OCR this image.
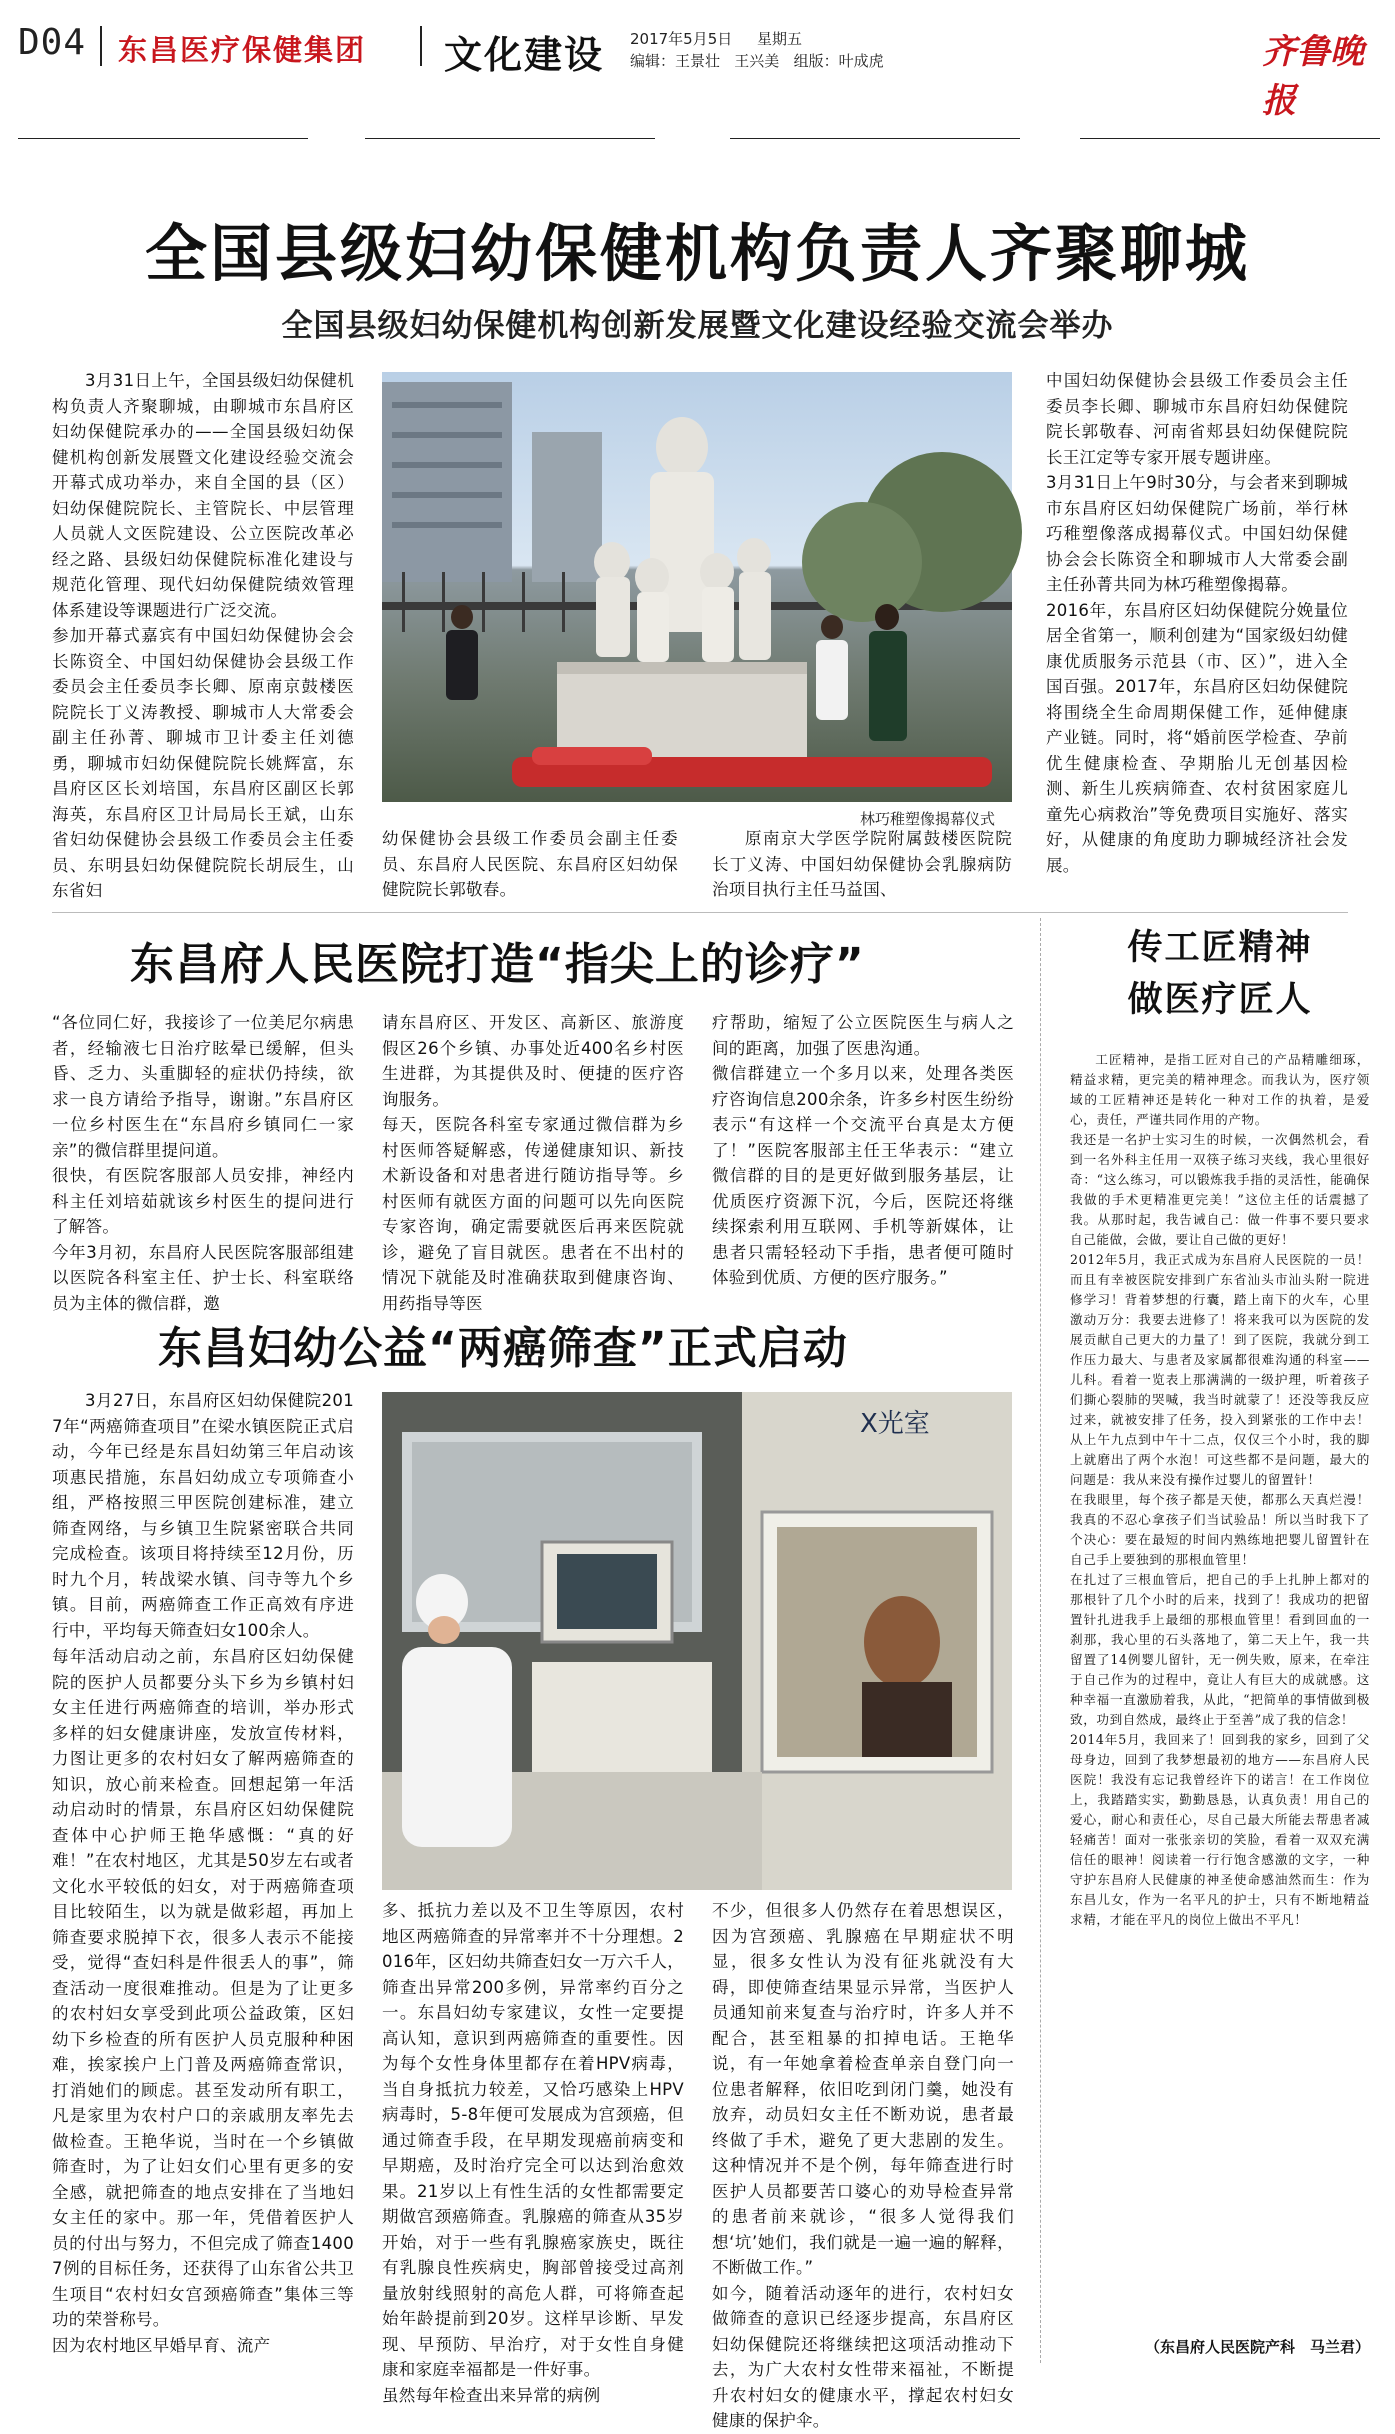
D04 东昌医疗保健集团 文化建设 2017年5月5日 星期五
编辑：王景壮   王兴美   组版：叶成虎	齐鲁晚报
全国县级妇幼保健机构负责人齐聚聊城
全国县级妇幼保健机构创新发展暨文化建设经验交流会举办
3月31日上午，全国县级妇幼保健机构负责人齐聚聊城，由聊城市东昌府区妇幼保健院承办的——全国县级妇幼保健机构创新发展暨文化建设经验交流会开幕式成功举办，来自全国的县（区）妇幼保健院院长、主管院长、中层管理人员就人文医院建设、公立医院改革必经之路、县级妇幼保健院标准化建设与规范化管理、现代妇幼保健院绩效管理体系建设等课题进行广泛交流。
参加开幕式嘉宾有中国妇幼保健协会会长陈资全、中国妇幼保健协会县级工作委员会主任委员李长卿、原南京鼓楼医院院长丁义涛教授、聊城市人大常委会副主任孙菁、聊城市卫计委主任刘德勇，聊城市妇幼保健院院长姚辉富，东昌府区区长刘培国，东昌府区副区长郭海英，东昌府区卫计局局长王斌，山东省妇幼保健协会县级工作委员会主任委员、东明县妇幼保健院院长胡辰生，山东省妇
林巧稚塑像揭幕仪式
幼保健协会县级工作委员会副主任委员、东昌府人民医院、东昌府区妇幼保健院院长郭敬春。
原南京大学医学院附属鼓楼医院院长丁义涛、中国妇幼保健协会乳腺病防治项目执行主任马益国、
中国妇幼保健协会县级工作委员会主任委员李长卿、聊城市东昌府妇幼保健院院长郭敬春、河南省郏县妇幼保健院院长王江定等专家开展专题讲座。
3月31日上午9时30分，与会者来到聊城市东昌府区妇幼保健院广场前，举行林巧稚塑像落成揭幕仪式。中国妇幼保健协会会长陈资全和聊城市人大常委会副主任孙菁共同为林巧稚塑像揭幕。
2016年，东昌府区妇幼保健院分娩量位居全省第一，顺利创建为“国家级妇幼健康优质服务示范县（市、区）”，进入全国百强。2017年，东昌府区妇幼保健院将围绕全生命周期保健工作，延伸健康产业链。同时，将“婚前医学检查、孕前优生健康检查、孕期胎儿无创基因检测、新生儿疾病筛查、农村贫困家庭儿童先心病救治”等免费项目实施好、落实好，从健康的角度助力聊城经济社会发展。
东昌府人民医院打造“指尖上的诊疗”
“各位同仁好，我接诊了一位美尼尔病患者，经输液七日治疗眩晕已缓解，但头昏、乏力、头重脚轻的症状仍持续，欲求一良方请给予指导，谢谢。”东昌府区一位乡村医生在“东昌府乡镇同仁一家亲”的微信群里提问道。
很快，有医院客服部人员安排，神经内科主任刘培茹就该乡村医生的提问进行了解答。
今年3月初，东昌府人民医院客服部组建以医院各科室主任、护士长、科室联络员为主体的微信群，邀
请东昌府区、开发区、高新区、旅游度假区26个乡镇、办事处近400名乡村医生进群，为其提供及时、便捷的医疗咨询服务。
每天，医院各科室专家通过微信群为乡村医师答疑解惑，传递健康知识、新技术新设备和对患者进行随访指导等。乡村医师有就医方面的问题可以先向医院专家咨询，确定需要就医后再来医院就诊，避免了盲目就医。患者在不出村的情况下就能及时准确获取到健康咨询、用药指导等医
疗帮助，缩短了公立医院医生与病人之间的距离，加强了医患沟通。
微信群建立一个多月以来，处理各类医疗咨询信息200余条，许多乡村医生纷纷表示“有这样一个交流平台真是太方便了！”医院客服部主任王华表示：“建立微信群的目的是更好做到服务基层，让优质医疗资源下沉，今后，医院还将继续探索利用互联网、手机等新媒体，让患者只需轻轻动下手指，患者便可随时体验到优质、方便的医疗服务。”
东昌妇幼公益“两癌筛查”正式启动
3月27日，东昌府区妇幼保健院2017年“两癌筛查项目”在梁水镇医院正式启动，今年已经是东昌妇幼第三年启动该项惠民措施，东昌妇幼成立专项筛查小组，严格按照三甲医院创建标准，建立筛查网络，与乡镇卫生院紧密联合共同完成检查。该项目将持续至12月份，历时九个月，转战梁水镇、闫寺等九个乡镇。目前，两癌筛查工作正高效有序进行中，平均每天筛查妇女100余人。
X光室
每年活动启动之前，东昌府区妇幼保健院的医护人员都要分头下乡为乡镇村妇女主任进行两癌筛查的培训，举办形式多样的妇女健康讲座，发放宣传材料，力图让更多的农村妇女了解两癌筛查的知识，放心前来检查。回想起第一年活动启动时的情景，东昌府区妇幼保健院查体中心护师王艳华感慨：“真的好难！”在农村地区，尤其是50岁左右或者文化水平较低的妇女，对于两癌筛查项目比较陌生，以为就是做彩超，再加上筛查要求脱掉下衣，很多人表示不能接受，觉得“查妇科是件很丢人的事”，筛查活动一度很难推动。但是为了让更多的农村妇女享受到此项公益政策，区妇幼下乡检查的所有医护人员克服种种困难，挨家挨户上门普及两癌筛查常识，打消她们的顾虑。甚至发动所有职工，凡是家里为农村户口的亲戚朋友率先去做检查。王艳华说，当时在一个乡镇做筛查时，为了让妇女们心里有更多的安全感，就把筛查的地点安排在了当地妇女主任的家中。那一年，凭借着医护人员的付出与努力，不但完成了筛查14007例的目标任务，还获得了山东省公共卫生项目“农村妇女宫颈癌筛查”集体三等功的荣誉称号。
因为农村地区早婚早育、流产
多、抵抗力差以及不卫生等原因，农村地区两癌筛查的异常率并不十分理想。2016年，区妇幼共筛查妇女一万六千人，筛查出异常200多例，异常率约百分之一。东昌妇幼专家建议，女性一定要提高认知，意识到两癌筛查的重要性。因为每个女性身体里都存在着HPV病毒，当自身抵抗力较差，又恰巧感染上HPV病毒时，5-8年便可发展成为宫颈癌，但通过筛查手段，在早期发现癌前病变和早期癌，及时治疗完全可以达到治愈效果。21岁以上有性生活的女性都需要定期做宫颈癌筛查。乳腺癌的筛查从35岁开始，对于一些有乳腺癌家族史，既往有乳腺良性疾病史，胸部曾接受过高剂量放射线照射的高危人群，可将筛查起始年龄提前到20岁。这样早诊断、早发现、早预防、早治疗，对于女性自身健康和家庭幸福都是一件好事。
虽然每年检查出来异常的病例
不少，但很多人仍然存在着思想误区，因为宫颈癌、乳腺癌在早期症状不明显，很多女性认为没有征兆就没有大碍，即使筛查结果显示异常，当医护人员通知前来复查与治疗时，许多人并不配合，甚至粗暴的扣掉电话。王艳华说，有一年她拿着检查单亲自登门向一位患者解释，依旧吃到闭门羹，她没有放弃，动员妇女主任不断劝说，患者最终做了手术，避免了更大悲剧的发生。这种情况并不是个例，每年筛查进行时医护人员都要苦口婆心的劝导检查异常的患者前来就诊，“很多人觉得我们想‘坑’她们，我们就是一遍一遍的解释，不断做工作。”
如今，随着活动逐年的进行，农村妇女做筛查的意识已经逐步提高，东昌府区妇幼保健院还将继续把这项活动推动下去，为广大农村女性带来福祉，不断提升农村妇女的健康水平，撑起农村妇女健康的保护伞。
传工匠精神
做医疗匠人
工匠精神，是指工匠对自己的产品精雕细琢，精益求精，更完美的精神理念。而我认为，医疗领域的工匠精神还是转化一种对工作的执着，是爱心，责任，严谨共同作用的产物。
我还是一名护士实习生的时候，一次偶然机会，看到一名外科主任用一双筷子练习夹线，我心里很好奇：“这么练习，可以锻炼我手指的灵活性，能确保我做的手术更精准更完美！”这位主任的话震撼了我。从那时起，我告诫自己：做一件事不要只要求自己能做，会做，要让自己做的更好！
2012年5月，我正式成为东昌府人民医院的一员！而且有幸被医院安排到广东省汕头市汕头附一院进修学习！背着梦想的行囊，踏上南下的火车，心里激动万分：我要去进修了！将来我可以为医院的发展贡献自己更大的力量了！到了医院，我就分到工作压力最大、与患者及家属都很难沟通的科室——儿科。看着一览表上那满满的一级护理，听着孩子们撕心裂肺的哭喊，我当时就蒙了！还没等我反应过来，就被安排了任务，投入到紧张的工作中去！从上午九点到中午十二点，仅仅三个小时，我的脚上就磨出了两个水泡！可这些都不是问题，最大的问题是：我从来没有操作过婴儿的留置针！
在我眼里，每个孩子都是天使，都那么天真烂漫！我真的不忍心拿孩子们当试验品！所以当时我下了个决心：要在最短的时间内熟练地把婴儿留置针在自己手上要独到的那根血管里！
在扎过了三根血管后，把自己的手上扎肿上都对的那根针了几个小时的后来，找到了！我成功的把留置针扎进我手上最细的那根血管里！看到回血的一刹那，我心里的石头落地了，第二天上午，我一共留置了14例婴儿留针，无一例失败，原来，在牵注于自己作为的过程中，竟让人有巨大的成就感。这种幸福一直激励着我，从此，“把简单的事情做到极致，功到自然成，最终止于至善”成了我的信念！
2014年5月，我回来了！回到我的家乡，回到了父母身边，回到了我梦想最初的地方——东昌府人民医院！我没有忘记我曾经许下的诺言！在工作岗位上，我踏踏实实，勤勤恳恳，认真负责！用自己的爱心，耐心和责任心，尽自己最大所能去帮患者减轻痛苦！面对一张张亲切的笑脸，看着一双双充满信任的眼神！阅读着一行行饱含感激的文字，一种守护东昌府人民健康的神圣使命感油然而生：作为东昌儿女，作为一名平凡的护士，只有不断地精益求精，才能在平凡的岗位上做出不平凡！
（东昌府人民医院产科　马兰君）
